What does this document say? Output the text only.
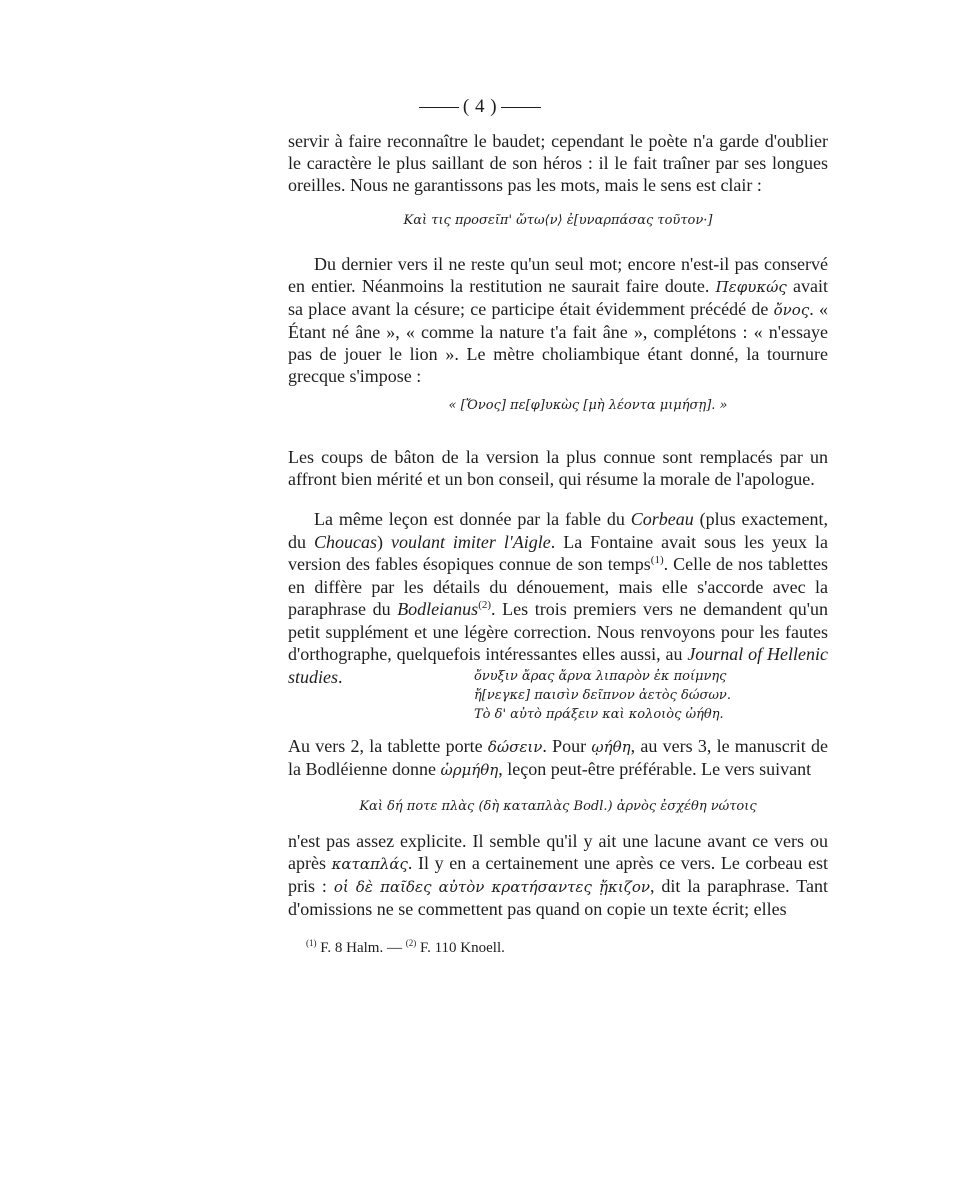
( 4 )

servir à faire reconnaître le baudet; cependant le poète n'a garde d'oublier le caractère le plus saillant de son héros : il le fait traîner par ses longues oreilles. Nous ne garantissons pas les mots, mais le sens est clair :

Καὶ τις προσεῖπ' ὤτω⟨ν⟩ ἐ[υναρπάσας τοῦτον·]

Du dernier vers il ne reste qu'un seul mot; encore n'est-il pas conservé en entier. Néanmoins la restitution ne saurait faire doute. Πεφυκώς avait sa place avant la césure; ce participe était évidemment précédé de ὄνος. « Étant né âne », « comme la nature t'a fait âne », complétons : « n'essaye pas de jouer le lion ». Le mètre choliambique étant donné, la tournure grecque s'impose :

« [Ὄνος] πε[φ]υκὼς [μὴ λέοντα μιμήσῃ]. »

Les coups de bâton de la version la plus connue sont remplacés par un affront bien mérité et un bon conseil, qui résume la morale de l'apologue.

La même leçon est donnée par la fable du Corbeau (plus exactement, du Choucas) voulant imiter l'Aigle. La Fontaine avait sous les yeux la version des fables ésopiques connue de son temps$^{(1)}$. Celle de nos tablettes en diffère par les détails du dénouement, mais elle s'accorde avec la paraphrase du Bodleianus$^{(2)}$. Les trois premiers vers ne demandent qu'un petit supplément et une légère correction. Nous renvoyons pour les fautes d'orthographe, quelquefois intéressantes elles aussi, au Journal of Hellenic studies.	ὄνυξιν ἄρας ἄρνα λιπαρὸν ἐκ ποίμνης
ἤ[νεγκε] παισὶν δεῖπνον ἀετὸς δώσων.
Τὸ δ' αὐτὸ πράξειν καὶ κολοιὸς ὠήθη.

Au vers 2, la tablette porte δώσειν. Pour ῳήθη, au vers 3, le manuscrit de la Bodléienne donne ὡρμήθη, leçon peut-être préférable. Le vers suivant

Καὶ δή ποτε πλὰς (δὴ καταπλὰς Bodl.) ἀρνὸς ἐσχέθη νώτοις

n'est pas assez explicite. Il semble qu'il y ait une lacune avant ce vers ou après καταπλάς. Il y en a certainement une après ce vers. Le corbeau est pris : οἱ δὲ παῖδες αὐτὸν κρατήσαντες ᾔκιζον, dit la paraphrase. Tant d'omissions ne se commettent pas quand on copie un texte écrit; elles

$^{(1)}$ F. 8 Halm. — $^{(2)}$ F. 110 Knoell.
